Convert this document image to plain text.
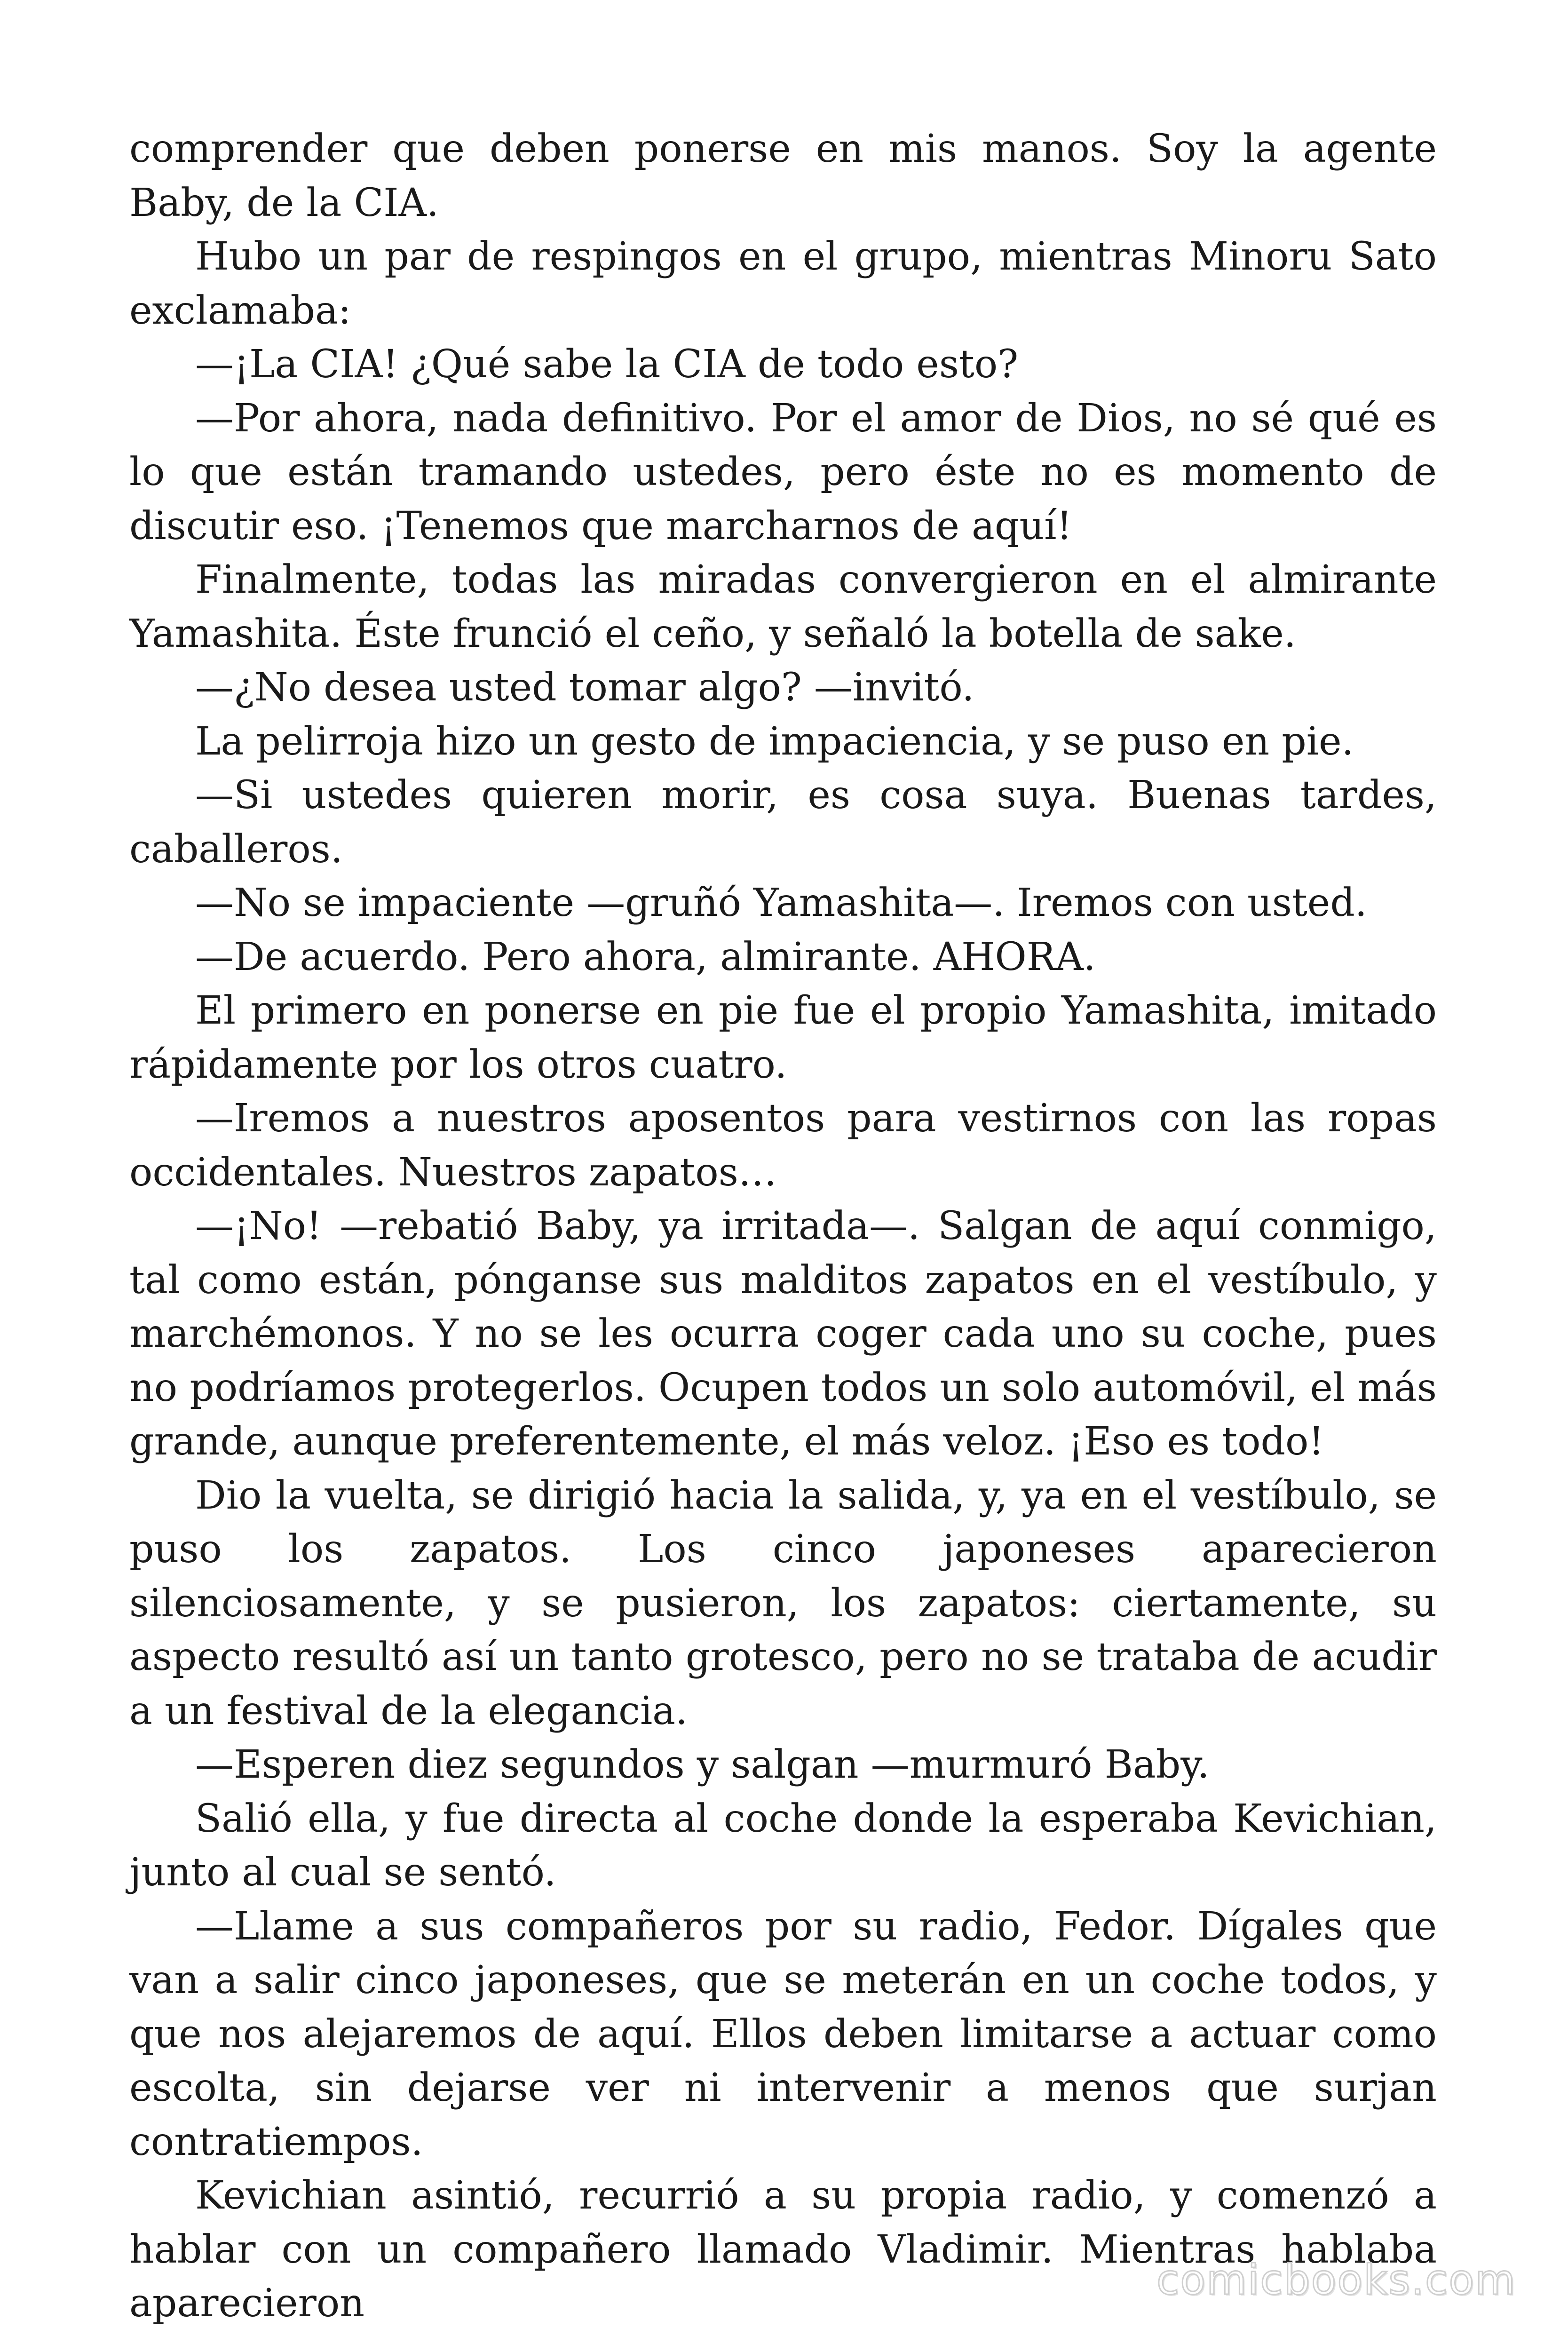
comprender que deben ponerse en mis manos. Soy la agente Baby, de la CIA.

Hubo un par de respingos en el grupo, mientras Minoru Sato exclamaba:

—¡La CIA! ¿Qué sabe la CIA de todo esto?

—Por ahora, nada definitivo. Por el amor de Dios, no sé qué es lo que están tramando ustedes, pero éste no es momento de discutir eso. ¡Tenemos que marcharnos de aquí!

Finalmente, todas las miradas convergieron en el almirante Yamashita. Éste frunció el ceño, y señaló la botella de sake.

—¿No desea usted tomar algo? —invitó.

La pelirroja hizo un gesto de impaciencia, y se puso en pie.

—Si ustedes quieren morir, es cosa suya. Buenas tardes, caballeros.

—No se impaciente —gruñó Yamashita—. Iremos con usted.

—De acuerdo. Pero ahora, almirante. AHORA.

El primero en ponerse en pie fue el propio Yamashita, imitado rápidamente por los otros cuatro.

—Iremos a nuestros aposentos para vestirnos con las ropas occidentales. Nuestros zapatos…

—¡No! —rebatió Baby, ya irritada—. Salgan de aquí conmigo, tal como están, pónganse sus malditos zapatos en el vestíbulo, y marchémonos. Y no se les ocurra coger cada uno su coche, pues no podríamos protegerlos. Ocupen todos un solo automóvil, el más grande, aunque preferentemente, el más veloz. ¡Eso es todo!

Dio la vuelta, se dirigió hacia la salida, y, ya en el vestíbulo, se puso los zapatos. Los cinco japoneses aparecieron silenciosamente, y se pusieron, los zapatos: ciertamente, su aspecto resultó así un tanto grotesco, pero no se trataba de acudir a un festival de la elegancia.

—Esperen diez segundos y salgan —murmuró Baby.

Salió ella, y fue directa al coche donde la esperaba Kevichian, junto al cual se sentó.

—Llame a sus compañeros por su radio, Fedor. Dígales que van a salir cinco japoneses, que se meterán en un coche todos, y que nos alejaremos de aquí. Ellos deben limitarse a actuar como escolta, sin dejarse ver ni intervenir a menos que surjan contratiempos.

Kevichian asintió, recurrió a su propia radio, y comenzó a hablar con un compañero llamado Vladimir. Mientras hablaba aparecieron	comicbooks.com
